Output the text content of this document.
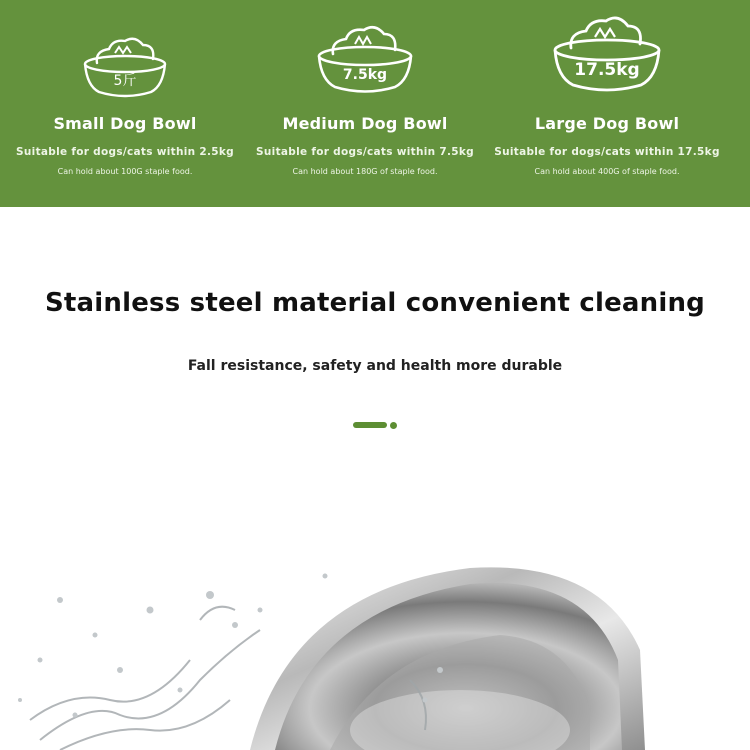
5斤
Small Dog Bowl
Suitable for dogs/cats within 2.5kg
Can hold about 100G staple food.
7.5kg
Medium Dog Bowl
Suitable for dogs/cats within 7.5kg
Can hold about 180G of staple food.
17.5kg
Large Dog Bowl
Suitable for dogs/cats within 17.5kg
Can hold about 400G of staple food.
Stainless steel material convenient cleaning
Fall resistance, safety and health more durable
